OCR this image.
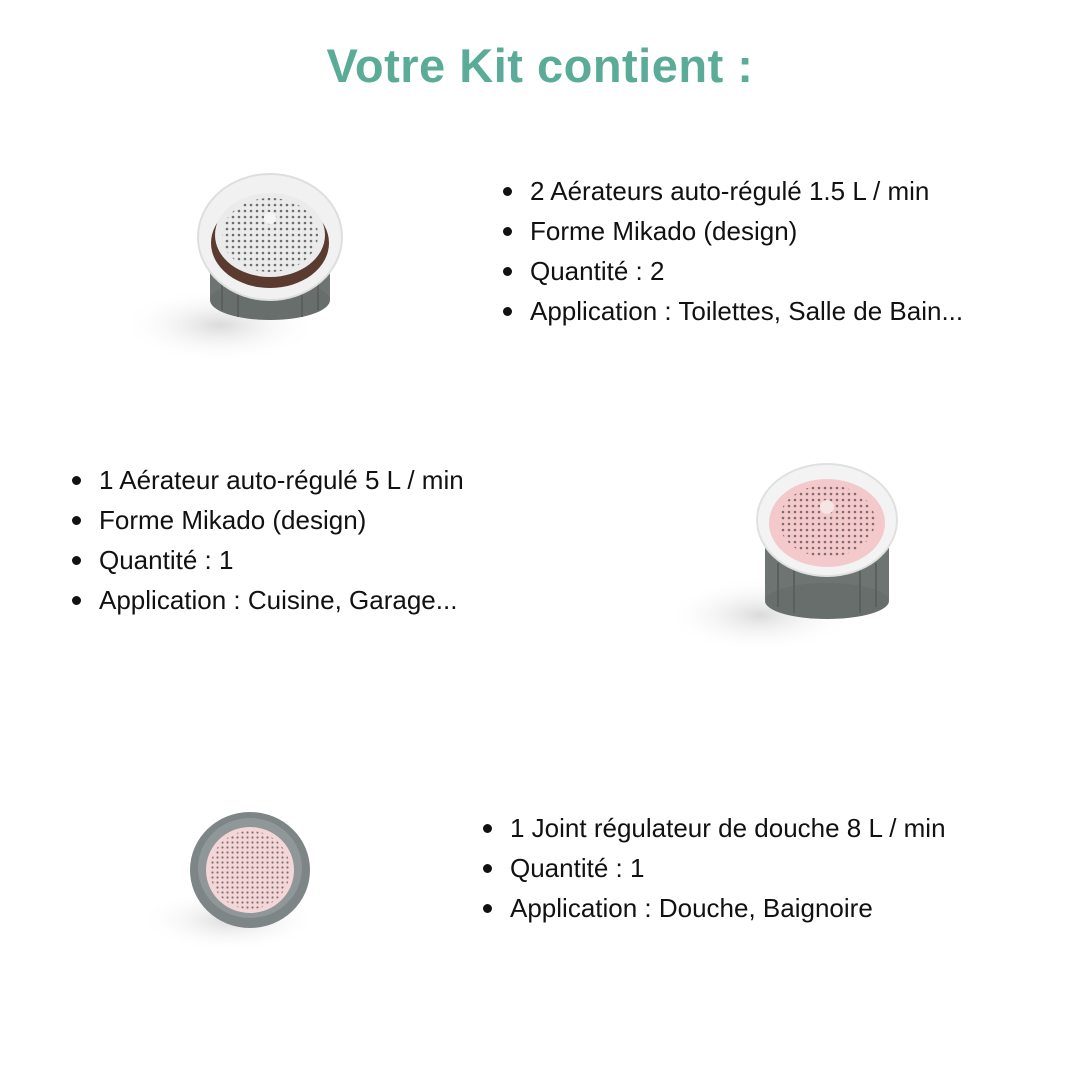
Votre Kit contient :
2 Aérateurs auto-régulé 1.5 L / min
Forme Mikado (design)
Quantité : 2
Application : Toilettes, Salle de Bain...
1 Aérateur auto-régulé 5 L / min
Forme Mikado (design)
Quantité : 1
Application : Cuisine, Garage...
1 Joint régulateur de douche 8 L / min
Quantité : 1
Application : Douche, Baignoire
